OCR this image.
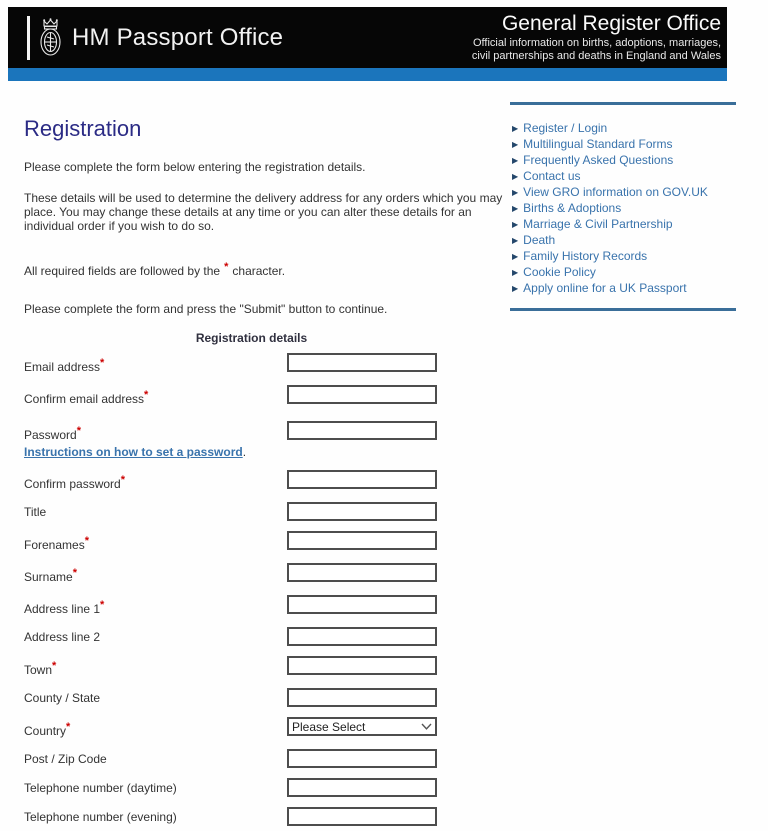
HM Passport Office	General Register Office
Official information on births, adoptions, marriages,
civil partnerships and deaths in England and Wales
▶ Register / Login
▶ Multilingual Standard Forms
▶ Frequently Asked Questions
▶ Contact us
▶ View GRO information on GOV.UK
▶ Births & Adoptions
▶ Marriage & Civil Partnership
▶ Death
▶ Family History Records
▶ Cookie Policy
▶ Apply online for a UK Passport
Registration

Please complete the form below entering the registration details.

These details will be used to determine the delivery address for any orders which you may place. You may change these details at any time or you can alter these details for an individual order if you wish to do so.

All required fields are followed by the * character.

Please complete the form and press the "Submit" button to continue.

Registration details
Email address*
Confirm email address*
Password*
Instructions on how to set a password.
Confirm password*
Title
Forenames*
Surname*
Address line 1*
Address line 2
Town*
County / State
Country*
Please Select
Post / Zip Code
Telephone number (daytime)
Telephone number (evening)
